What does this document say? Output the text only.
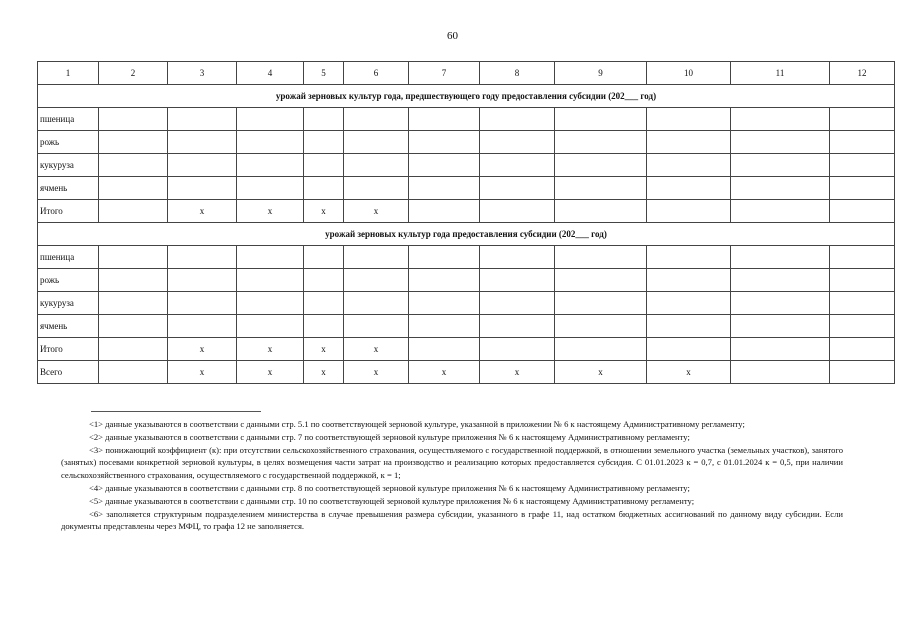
60
1	2	3	4	5	6	7	8	9	10	11	12
урожай зерновых культур года, предшествующего году предоставления субсидии (202___ год)											
пшеница											
рожь											
кукуруза											
ячмень											
Итого		x	x	x	x						
урожай зерновых культур года предоставления субсидии (202___ год)											
пшеница											
рожь											
кукуруза											
ячмень											
Итого		x	x	x	x						
Всего		x	x	x	x	x	x	x	x		

<1> данные указываются в соответствии с данными стр. 5.1 по соответствующей зерновой культуре, указанной в приложении № 6 к настоящему Административному регламенту;

<2> данные указываются в соответствии с данными стр. 7 по соответствующей зерновой культуре приложения № 6 к настоящему Административному регламенту;

<3> понижающий коэффициент (к): при отсутствии сельскохозяйственного страхования, осуществляемого с государственной поддержкой, в отношении земельного участка (земельных участков), занятого (занятых) посевами конкретной зерновой культуры, в целях возмещения части затрат на производство и реализацию которых предоставляется субсидия. С 01.01.2023 к = 0,7, с 01.01.2024 к = 0,5, при наличии сельскохозяйственного страхования, осуществляемого с государственной поддержкой, к = 1;

<4> данные указываются в соответствии с данными стр. 8 по соответствующей зерновой культуре приложения № 6 к настоящему Административному регламенту;

<5> данные указываются в соответствии с данными стр. 10 по соответствующей зерновой культуре приложения № 6 к настоящему Административному регламенту;

<6> заполняется структурным подразделением министерства в случае превышения размера субсидии, указанного в графе 11, над остатком бюджетных ассигнований по данному виду субсидии. Если документы представлены через МФЦ, то графа 12 не заполняется.
